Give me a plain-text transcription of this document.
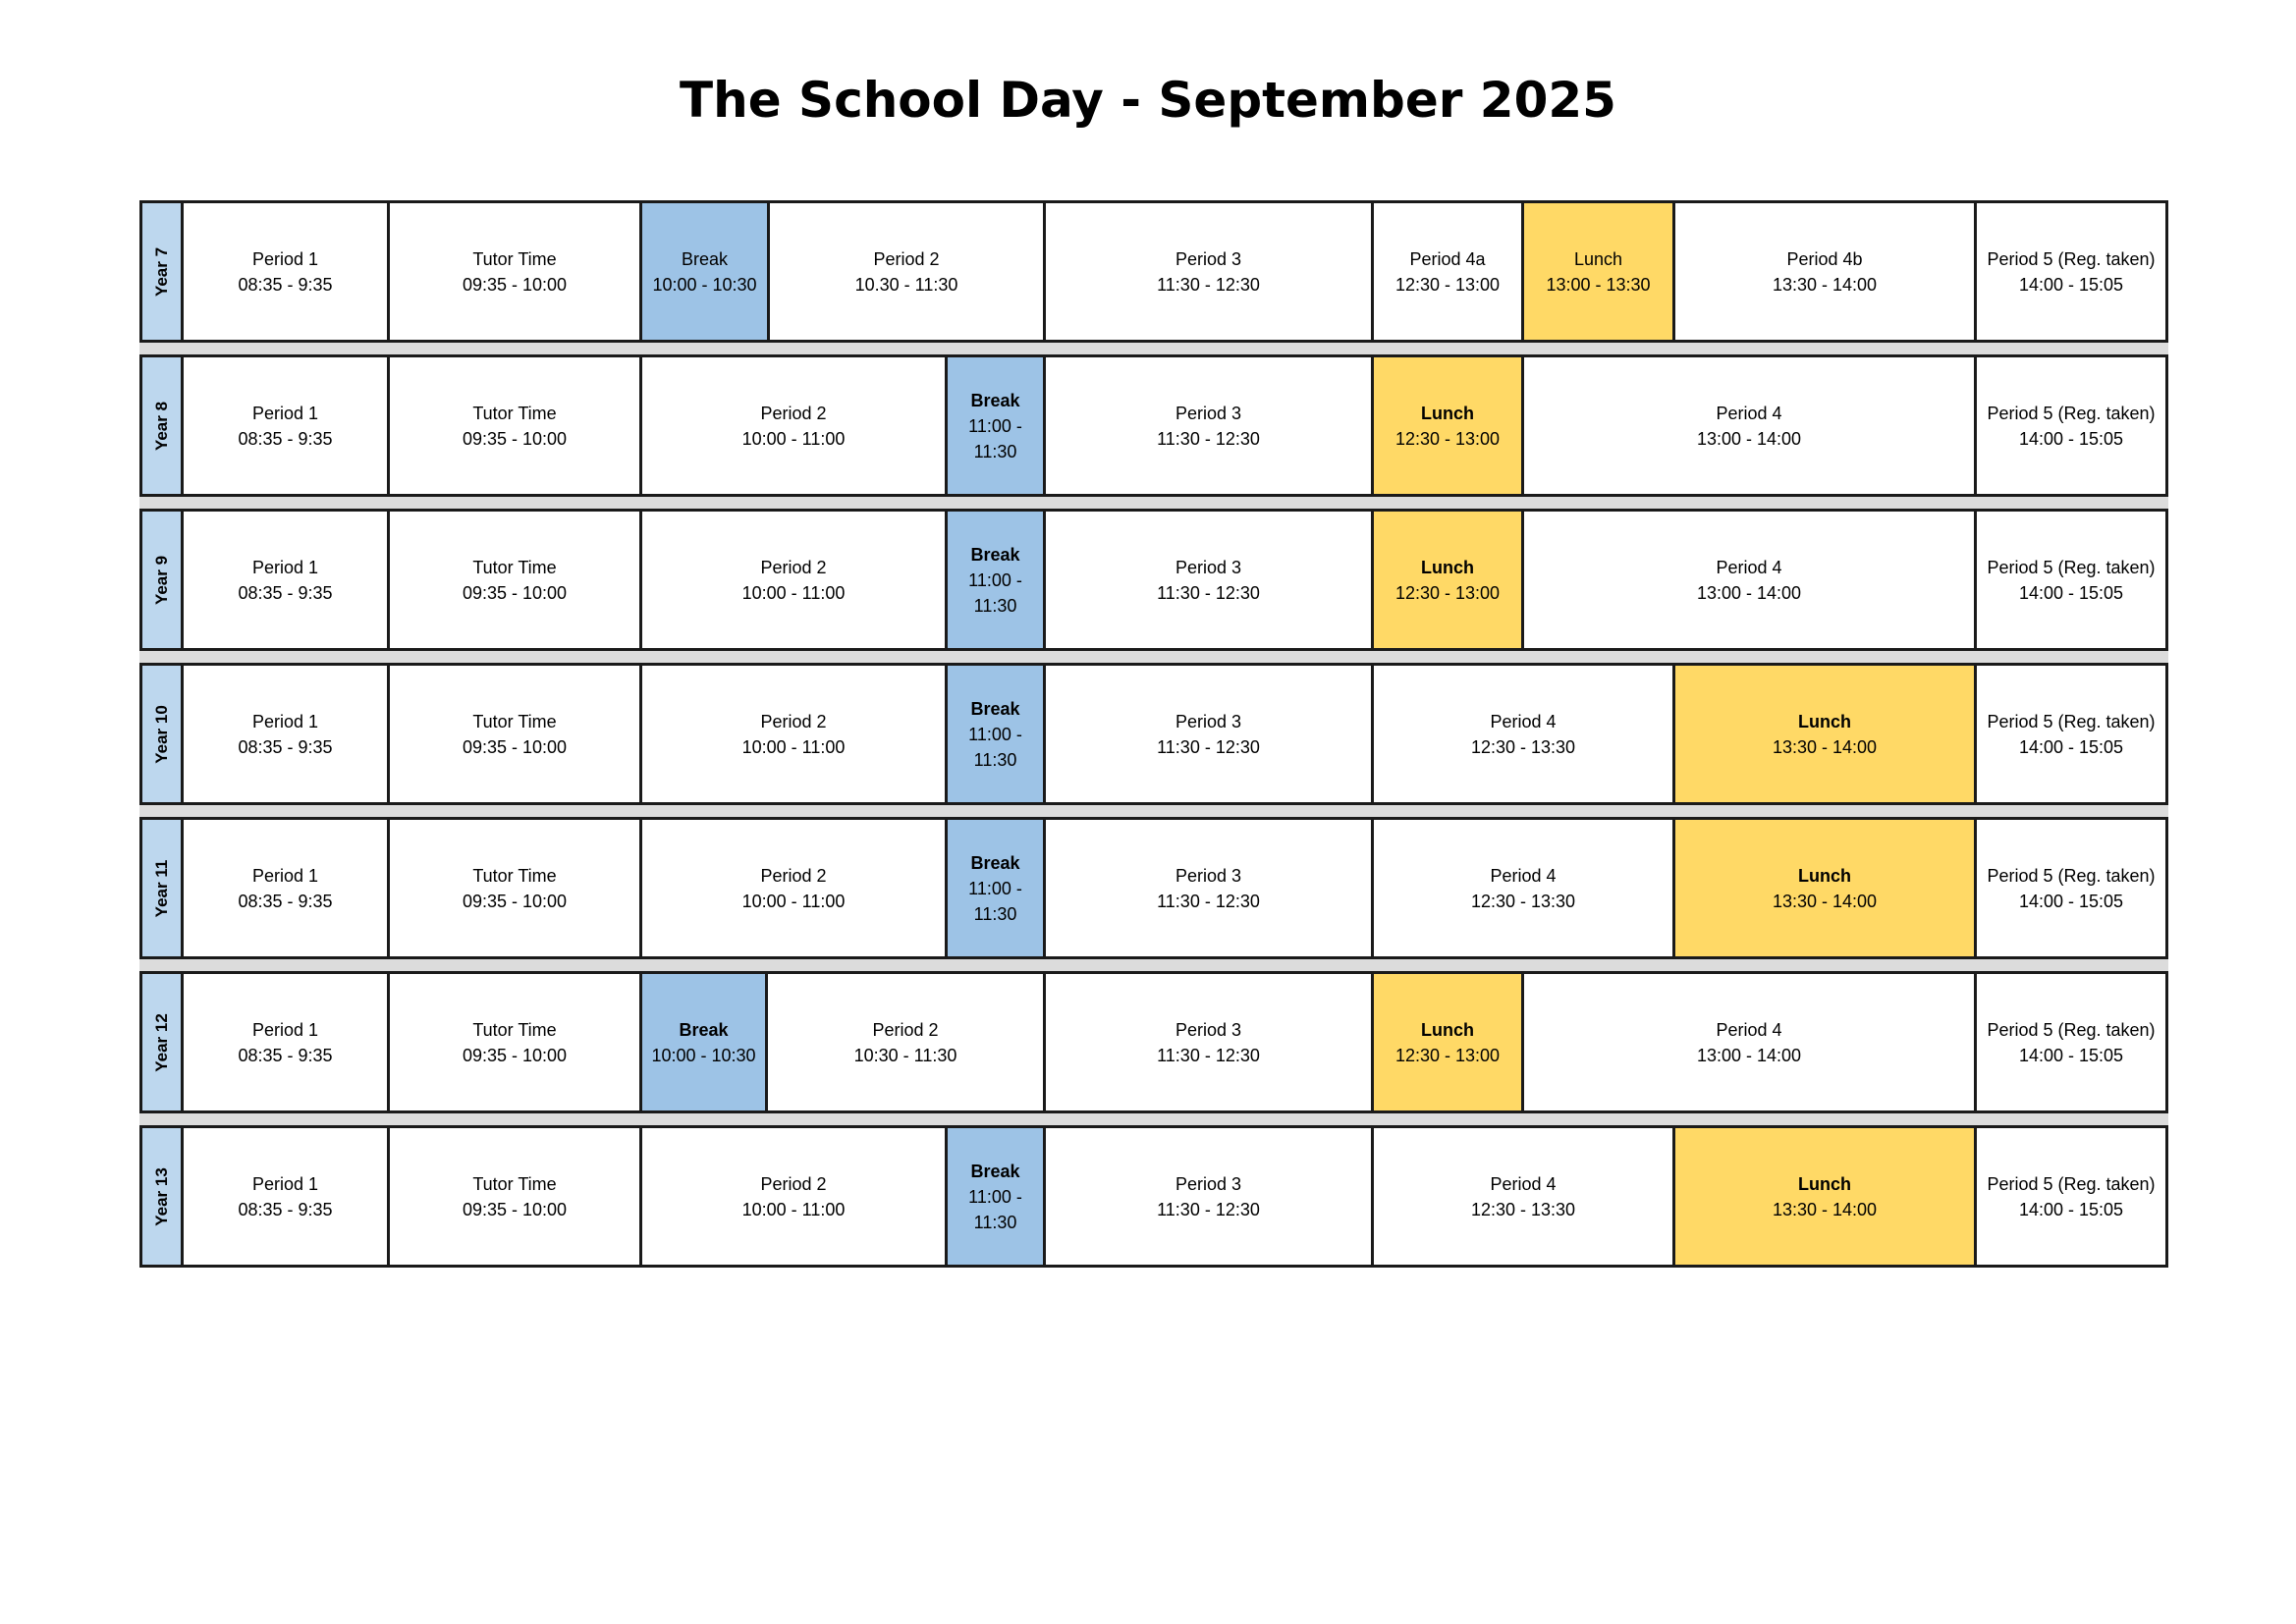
The School Day - September 2025
Year 7	Period 1
08:35 - 9:35
Tutor Time
09:35 - 10:00
Break
10:00 - 10:30
Period 2
10.30 - 11:30
Period 3
11:30 - 12:30
Period 4a
12:30 - 13:00
Lunch
13:00 - 13:30
Period 4b
13:30 - 14:00
Period 5 (Reg. taken)
14:00 - 15:05
Year 8	Period 1
08:35 - 9:35
Tutor Time
09:35 - 10:00
Period 2
10:00 - 11:00
Break
11:00 - 11:30
Period 3
11:30 - 12:30
Lunch
12:30 - 13:00
Period 4
13:00 - 14:00
Period 5 (Reg. taken)
14:00 - 15:05
Year 9	Period 1
08:35 - 9:35
Tutor Time
09:35 - 10:00
Period 2
10:00 - 11:00
Break
11:00 - 11:30
Period 3
11:30 - 12:30
Lunch
12:30 - 13:00
Period 4
13:00 - 14:00
Period 5 (Reg. taken)
14:00 - 15:05
Year 10	Period 1
08:35 - 9:35
Tutor Time
09:35 - 10:00
Period 2
10:00 - 11:00
Break
11:00 - 11:30
Period 3
11:30 - 12:30
Period 4
12:30 - 13:30
Lunch
13:30 - 14:00
Period 5 (Reg. taken)
14:00 - 15:05
Year 11	Period 1
08:35 - 9:35
Tutor Time
09:35 - 10:00
Period 2
10:00 - 11:00
Break
11:00 - 11:30
Period 3
11:30 - 12:30
Period 4
12:30 - 13:30
Lunch
13:30 - 14:00
Period 5 (Reg. taken)
14:00 - 15:05
Year 12	Period 1
08:35 - 9:35
Tutor Time
09:35 - 10:00
Break
10:00 - 10:30
Period 2
10:30 - 11:30
Period 3
11:30 - 12:30
Lunch
12:30 - 13:00
Period 4
13:00 - 14:00
Period 5 (Reg. taken)
14:00 - 15:05
Year 13	Period 1
08:35 - 9:35
Tutor Time
09:35 - 10:00
Period 2
10:00 - 11:00
Break
11:00 - 11:30
Period 3
11:30 - 12:30
Period 4
12:30 - 13:30
Lunch
13:30 - 14:00
Period 5 (Reg. taken)
14:00 - 15:05
